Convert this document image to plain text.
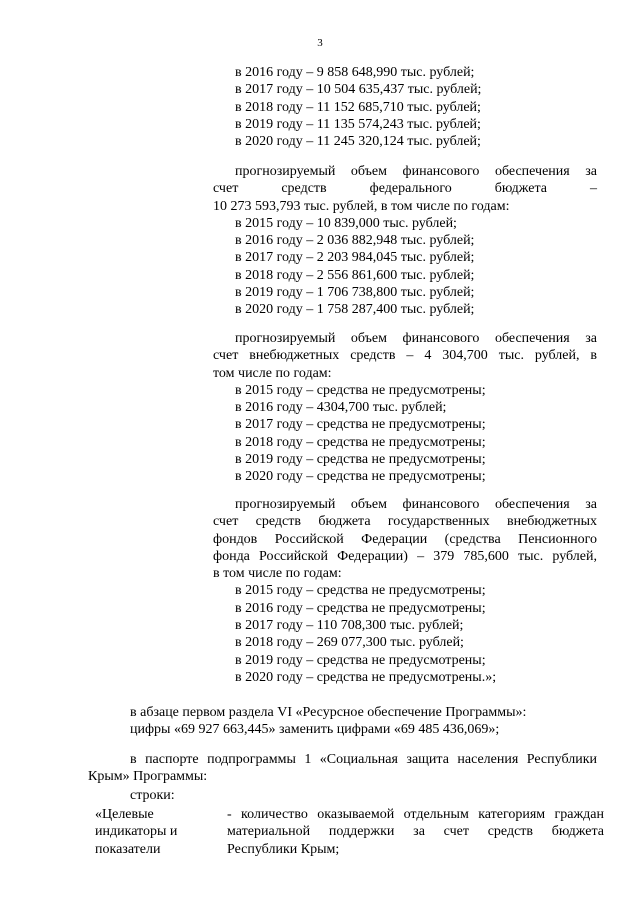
3
в 2016 году – 9 858 648,990 тыс. рублей;
в 2017 году – 10 504 635,437 тыс. рублей;
в 2018 году – 11 152 685,710 тыс. рублей;
в 2019 году – 11 135 574,243 тыс. рублей;
в 2020 году – 11 245 320,124 тыс. рублей;
прогнозируемый объем финансового обеспечения за
счет средств федерального бюджета –
10 273 593,793 тыс. рублей, в том числе по годам:
в 2015 году – 10 839,000 тыс. рублей;
в 2016 году – 2 036 882,948 тыс. рублей;
в 2017 году – 2 203 984,045 тыс. рублей;
в 2018 году – 2 556 861,600 тыс. рублей;
в 2019 году – 1 706 738,800 тыс. рублей;
в 2020 году – 1 758 287,400 тыс. рублей;
прогнозируемый объем финансового обеспечения за
счет внебюджетных средств – 4 304,700 тыс. рублей, в
том числе по годам:
в 2015 году – средства не предусмотрены;
в 2016 году – 4304,700 тыс. рублей;
в 2017 году – средства не предусмотрены;
в 2018 году – средства не предусмотрены;
в 2019 году – средства не предусмотрены;
в 2020 году – средства не предусмотрены;
прогнозируемый объем финансового обеспечения за
счет средств бюджета государственных внебюджетных
фондов Российской Федерации (средства Пенсионного
фонда Российской Федерации) – 379 785,600 тыс. рублей,
в том числе по годам:
в 2015 году – средства не предусмотрены;
в 2016 году – средства не предусмотрены;
в 2017 году – 110 708,300 тыс. рублей;
в 2018 году – 269 077,300 тыс. рублей;
в 2019 году – средства не предусмотрены;
в 2020 году – средства не предусмотрены.»;
в абзаце первом раздела VI «Ресурсное обеспечение Программы»:
цифры «69 927 663,445» заменить цифрами «69 485 436,069»;
в паспорте подпрограммы 1 «Социальная защита населения Республики
Крым» Программы:
строки:
«Целевые
индикаторы и
показатели
- количество оказываемой отдельным категориям граждан
материальной поддержки за счет средств бюджета
Республики Крым;
